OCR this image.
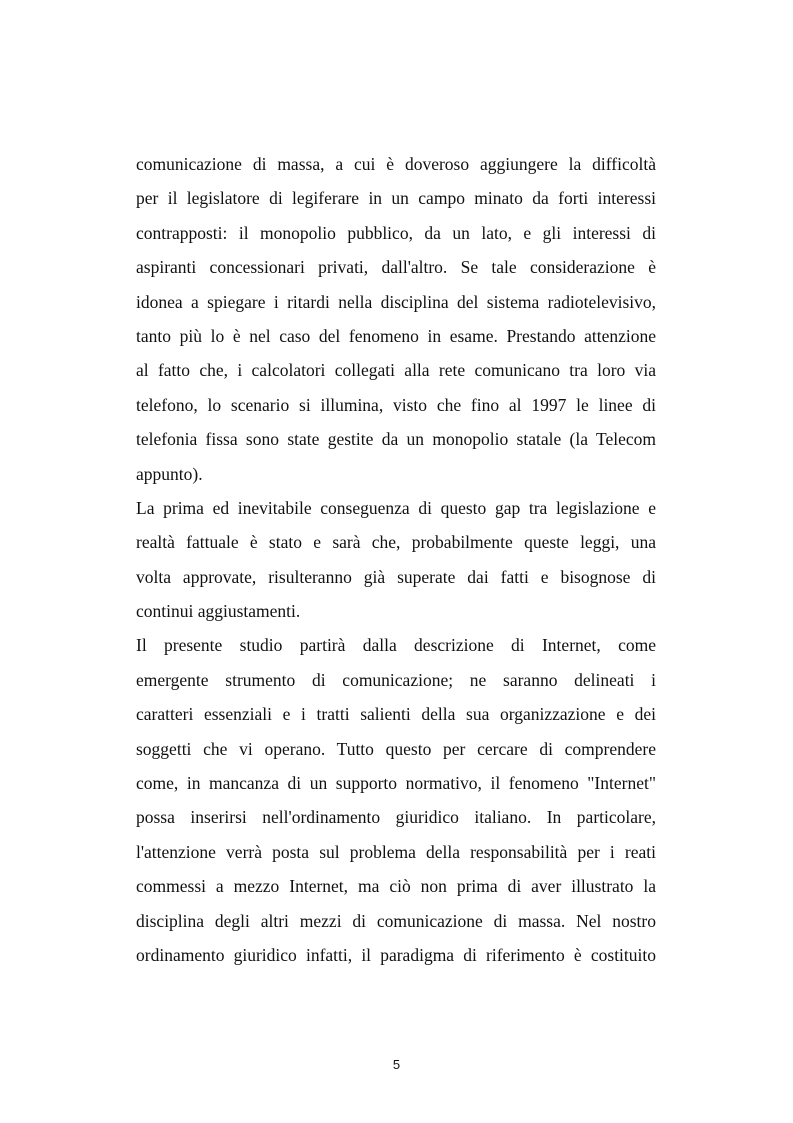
comunicazione di massa, a cui è doveroso aggiungere la difficoltà
per il legislatore di legiferare in un campo minato da forti interessi
contrapposti: il monopolio pubblico, da un lato, e gli interessi di
aspiranti concessionari privati, dall'altro. Se tale considerazione è
idonea a spiegare i ritardi nella disciplina del sistema radiotelevisivo,
tanto più lo è nel caso del fenomeno in esame. Prestando attenzione
al fatto che, i calcolatori collegati alla rete comunicano tra loro via
telefono, lo scenario si illumina, visto che fino al 1997 le linee di
telefonia fissa sono state gestite da un monopolio statale (la Telecom
appunto).
La prima ed inevitabile conseguenza di questo gap tra legislazione e
realtà fattuale è stato e sarà che, probabilmente queste leggi, una
volta approvate, risulteranno già superate dai fatti e bisognose di
continui aggiustamenti.
Il presente studio partirà dalla descrizione di Internet, come
emergente strumento di comunicazione; ne saranno delineati i
caratteri essenziali e i tratti salienti della sua organizzazione e dei
soggetti che vi operano. Tutto questo per cercare di comprendere
come, in mancanza di un supporto normativo, il fenomeno "Internet"
possa inserirsi nell'ordinamento giuridico italiano. In particolare,
l'attenzione verrà posta sul problema della responsabilità per i reati
commessi a mezzo Internet, ma ciò non prima di aver illustrato la
disciplina degli altri mezzi di comunicazione di massa. Nel nostro
ordinamento giuridico infatti, il paradigma di riferimento è costituito
5
